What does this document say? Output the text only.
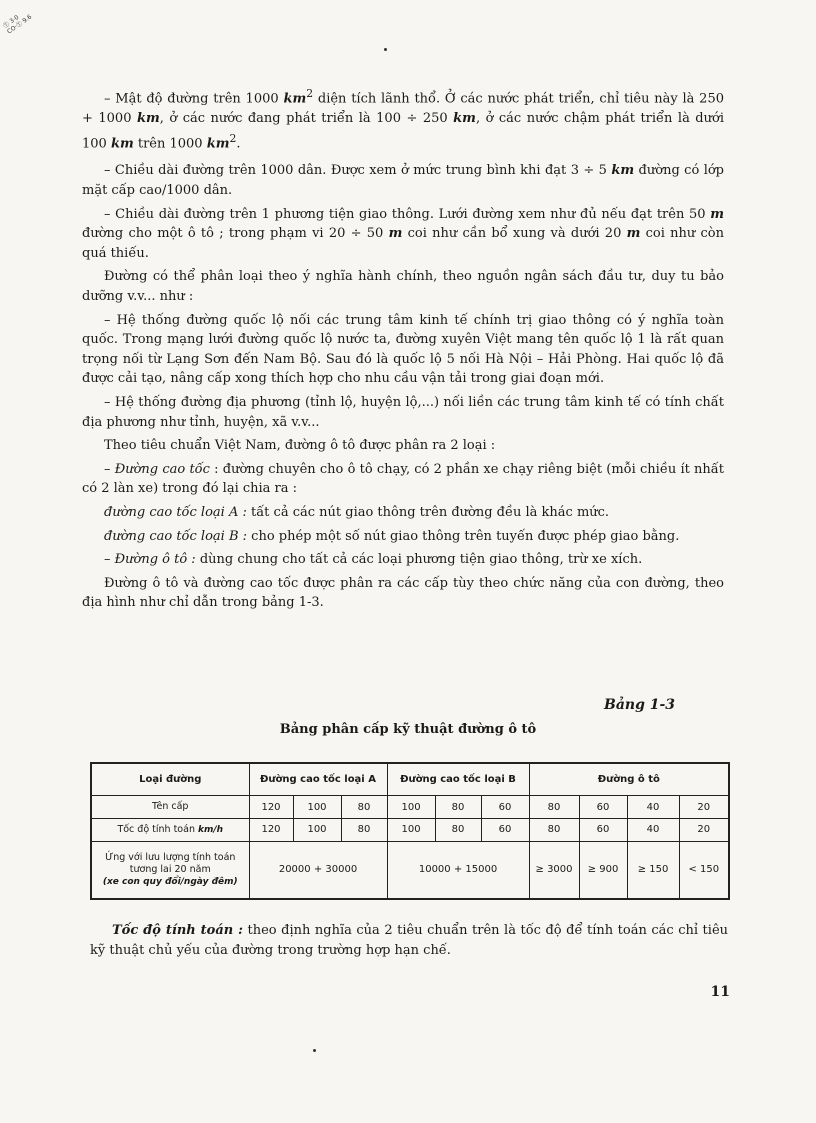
Ⓣ 3·0 CO·Ⓣ 9.6

– Mật độ đường trên 1000 $km^2$ diện tích lãnh thổ. Ở các nước phát triển, chỉ tiêu này là 250 + 1000 km, ở các nước đang phát triển là 100 ÷ 250 km, ở các nước chậm phát triển là dưới 100 km trên 1000 $km^2$.

– Chiều dài đường trên 1000 dân. Được xem ở mức trung bình khi đạt 3 ÷ 5 km đường có lớp mặt cấp cao/1000 dân.

– Chiều dài đường trên 1 phương tiện giao thông. Lưới đường xem như đủ nếu đạt trên 50 m đường cho một ô tô ; trong phạm vi 20 ÷ 50 m coi như cần bổ xung và dưới 20 m coi như còn quá thiếu.

Đường có thể phân loại theo ý nghĩa hành chính, theo nguồn ngân sách đầu tư, duy tu bảo dưỡng v.v... như :

– Hệ thống đường quốc lộ nối các trung tâm kinh tế chính trị giao thông có ý nghĩa toàn quốc. Trong mạng lưới đường quốc lộ nước ta, đường xuyên Việt mang tên quốc lộ 1 là rất quan trọng nối từ Lạng Sơn đến Nam Bộ. Sau đó là quốc lộ 5 nối Hà Nội – Hải Phòng. Hai quốc lộ đã được cải tạo, nâng cấp xong thích hợp cho nhu cầu vận tải trong giai đoạn mới.

– Hệ thống đường địa phương (tỉnh lộ, huyện lộ,...) nối liền các trung tâm kinh tế có tính chất địa phương như tỉnh, huyện, xã v.v...

Theo tiêu chuẩn Việt Nam, đường ô tô được phân ra 2 loại :

– Đường cao tốc : đường chuyên cho ô tô chạy, có 2 phần xe chạy riêng biệt (mỗi chiều ít nhất có 2 làn xe) trong đó lại chia ra :

đường cao tốc loại A : tất cả các nút giao thông trên đường đều là khác mức.

đường cao tốc loại B : cho phép một số nút giao thông trên tuyến được phép giao bằng.

– Đường ô tô : dùng chung cho tất cả các loại phương tiện giao thông, trừ xe xích.

Đường ô tô và đường cao tốc được phân ra các cấp tùy theo chức năng của con đường, theo địa hình như chỉ dẫn trong bảng 1-3.

Bảng 1-3
Bảng phân cấp kỹ thuật đường ô tô
Loại đường	Đường cao tốc loại A			Đường cao tốc loại B			Đường ô tô			
Tên cấp	120	100	80	100	80	60	80	60	40	20
Tốc độ tính toán km/h	120	100	80	100	80	60	80	60	40	20
Ứng với lưu lượng tính toán tương lai 20 năm
(xe con quy đổi/ngày đêm)	20000 + 30000			10000 + 15000			≥ 3000	≥ 900	≥ 150	< 150

Tốc độ tính toán : theo định nghĩa của 2 tiêu chuẩn trên là tốc độ để tính toán các chỉ tiêu kỹ thuật chủ yếu của đường trong trường hợp hạn chế.

11
